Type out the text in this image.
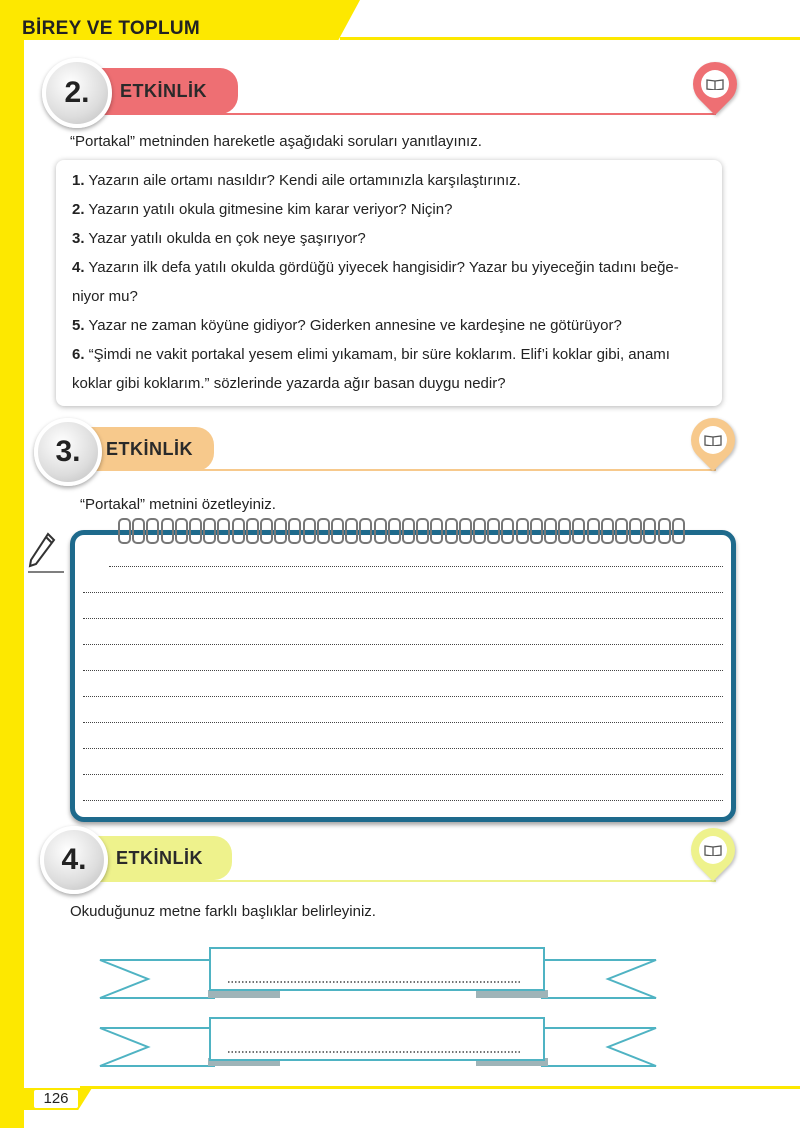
BİREY VE TOPLUM
ETKİNLİK
2.
“Portakal” metninden hareketle aşağıdaki soruları yanıtlayınız.
1. Yazarın aile ortamı nasıldır? Kendi aile ortamınızla karşılaştırınız.
2. Yazarın yatılı okula gitmesine kim karar veriyor? Niçin?
3. Yazar yatılı okulda en çok neye şaşırıyor?
4. Yazarın ilk defa yatılı okulda gördüğü yiyecek hangisidir? Yazar bu yiyeceğin tadını beğe-
niyor mu?
5. Yazar ne zaman köyüne gidiyor? Giderken annesine ve kardeşine ne götürüyor?
6. “Şimdi ne vakit portakal yesem elimi yıkamam, bir süre koklarım. Elif’i koklar gibi, anamı
koklar gibi koklarım.” sözlerinde yazarda ağır basan duygu nedir?
ETKİNLİK
3.
“Portakal” metnini özetleyiniz.
ETKİNLİK
4.
Okuduğunuz metne farklı başlıklar belirleyiniz.
126
